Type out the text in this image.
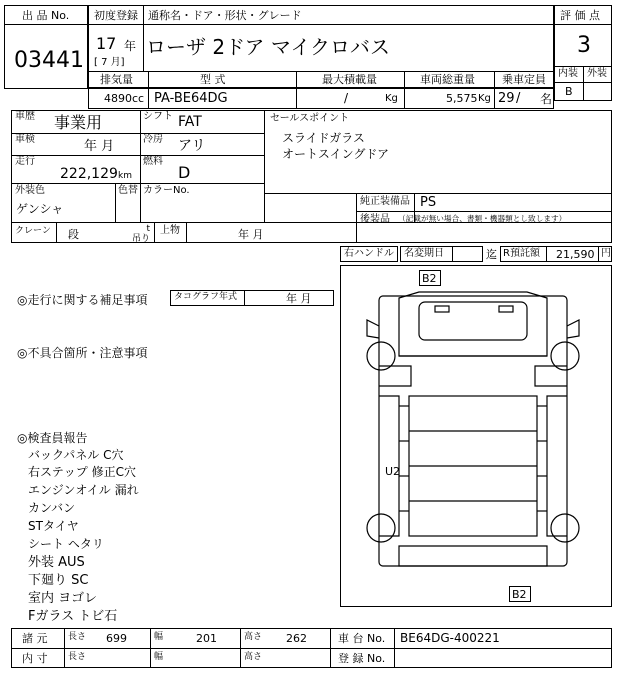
出 品 No.
03441
初度登録 通称名・ドア・形状・グレード
17 年
[ 7 月]
ローザ 2ドア マイクロバス
評 価 点
3
内装 外装
B
排気量	型 式	最大積載量	車両総重量 乗車定員
4890 cc PA-BE64DG	/	Kg	5,575 Kg 29 / 名
車歴 事業用	シフト FAT
車検	年 月	冷房 アリ
走行
222,129 km
燃料
D
外装色
ゲンシャ
色替 カラーNo.
セールスポイント
スライドガラス
オートスイングドア
純正装備品 PS
後装品 （記載が無い場合、書類・機器類とし致します）
クレーン 段	t
吊り
上物	年 月
右ハンドル 名変期日	迄 R預託額 21,590 円
◎走行に関する補足事項	タコグラフ年式	年 月
◎不具合箇所・注意事項
◎検査員報告
バックパネル C穴
右ステップ 修正C穴
エンジンオイル 漏れ
カンバン
STタイヤ
シート ヘタリ
外装 AUS
下廻り SC
室内 ヨゴレ
Fガラス トビ石
B2
B2
U2
諸 元 長さ 699	幅	201	高さ 262	車 台 No. BE64DG-400221
内 寸 長さ	幅	高さ	登 録 No.
